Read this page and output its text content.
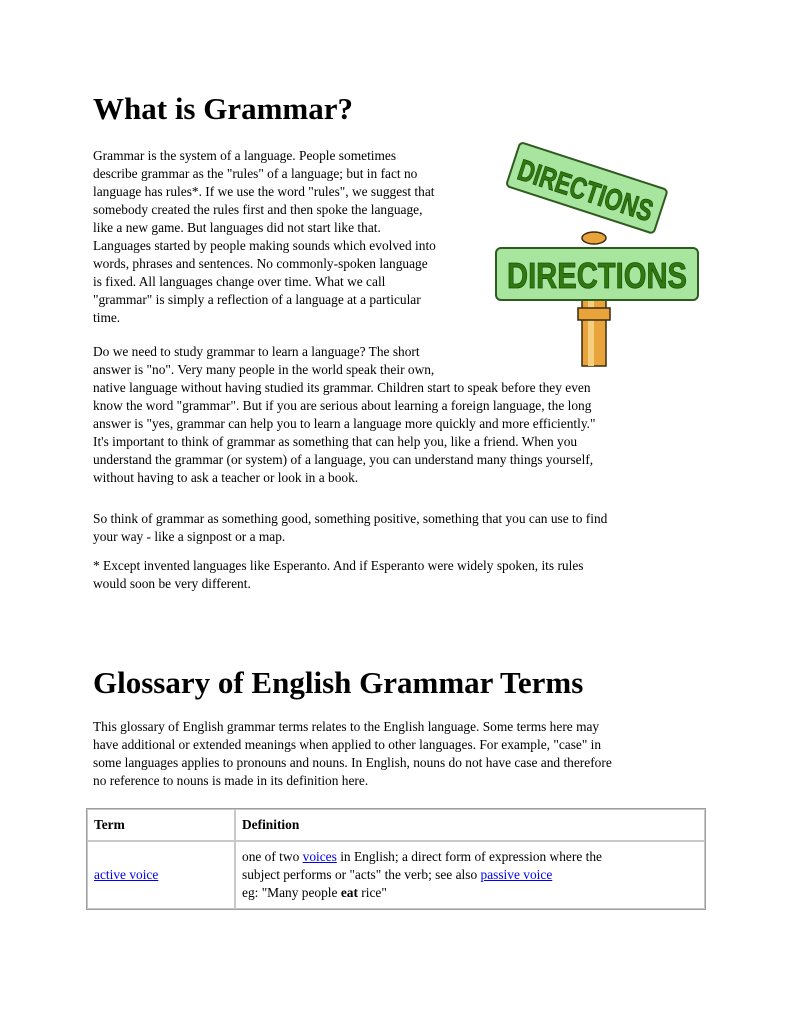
What is Grammar?

Grammar is the system of a language. People sometimes
describe grammar as the "rules" of a language; but in fact no
language has rules*. If we use the word "rules", we suggest that
somebody created the rules first and then spoke the language,
like a new game. But languages did not start like that.
Languages started by people making sounds which evolved into
words, phrases and sentences. No commonly-spoken language
is fixed. All languages change over time. What we call
"grammar" is simply a reflection of a language at a particular
time.

Do we need to study grammar to learn a language? The short
answer is "no". Very many people in the world speak their own,
native language without having studied its grammar. Children start to speak before they even
know the word "grammar". But if you are serious about learning a foreign language, the long
answer is "yes, grammar can help you to learn a language more quickly and more efficiently."
It's important to think of grammar as something that can help you, like a friend. When you
understand the grammar (or system) of a language, you can understand many things yourself,
without having to ask a teacher or look in a book.

So think of grammar as something good, something positive, something that you can use to find
your way - like a signpost or a map.

* Except invented languages like Esperanto. And if Esperanto were widely spoken, its rules
would soon be very different.

Glossary of English Grammar Terms

This glossary of English grammar terms relates to the English language. Some terms here may
have additional or extended meanings when applied to other languages. For example, "case" in
some languages applies to pronouns and nouns. In English, nouns do not have case and therefore
no reference to nouns is made in its definition here.

DIRECTIONS
DIRECTIONS
Term	Definition
active voice	one of two voices in English; a direct form of expression where the
subject performs or "acts" the verb; see also passive voice
eg: "Many people eat rice"
